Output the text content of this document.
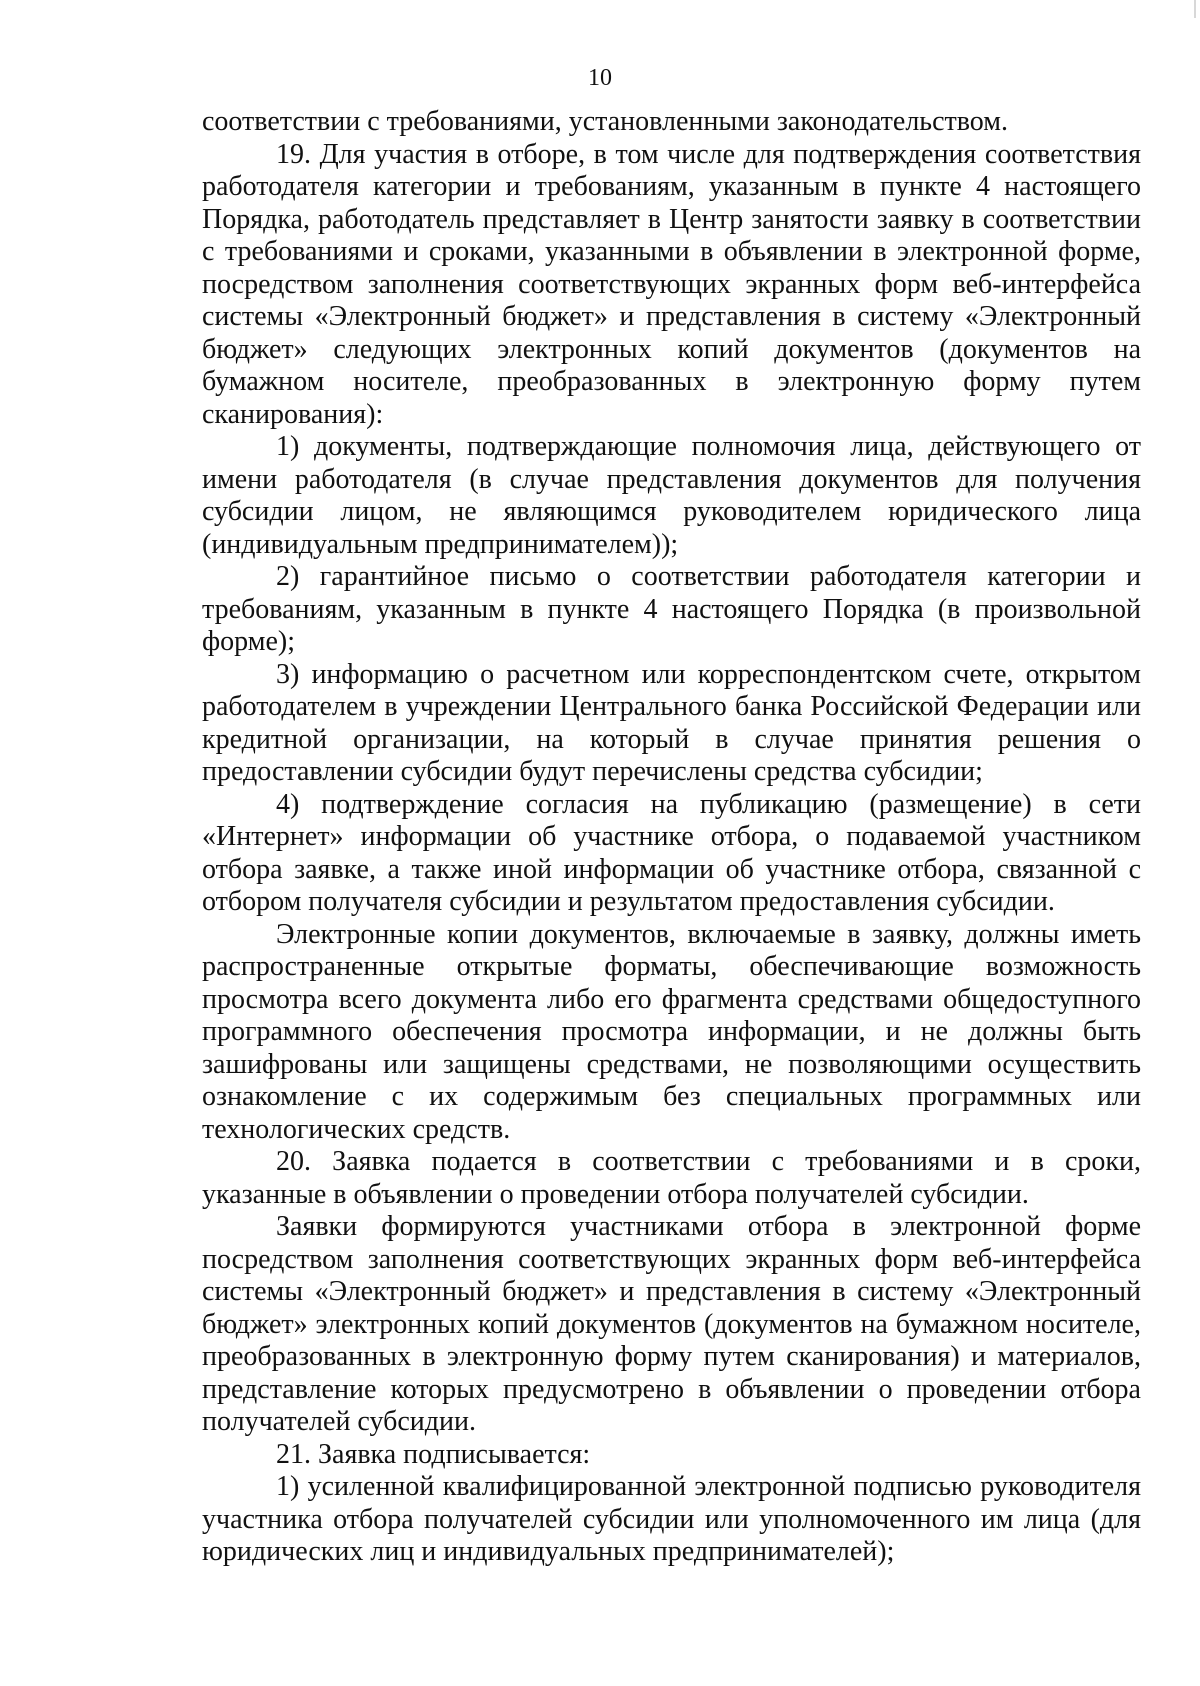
10

соответствии с требованиями, установленными законодательством.

19. Для участия в отборе, в том числе для подтверждения соответствия работодателя категории и требованиям, указанным в пункте 4 настоящего Порядка, работодатель представляет в Центр занятости заявку в соответствии с требованиями и сроками, указанными в объявлении в электронной форме, посредством заполнения соответствующих экранных форм веб-интерфейса системы «Электронный бюджет» и представления в систему «Электронный бюджет» следующих электронных копий документов (документов на бумажном носителе, преобразованных в электронную форму путем сканирования):

1) документы, подтверждающие полномочия лица, действующего от имени работодателя (в случае представления документов для получения субсидии лицом, не являющимся руководителем юридического лица (индивидуальным предпринимателем));

2) гарантийное письмо о соответствии работодателя категории и требованиям, указанным в пункте 4 настоящего Порядка (в произвольной форме);

3) информацию о расчетном или корреспондентском счете, открытом работодателем в учреждении Центрального банка Российской Федерации или кредитной организации, на который в случае принятия решения о предоставлении субсидии будут перечислены средства субсидии;

4) подтверждение согласия на публикацию (размещение) в сети «Интернет» информации об участнике отбора, о подаваемой участником отбора заявке, а также иной информации об участнике отбора, связанной с отбором получателя субсидии и результатом предоставления субсидии.

Электронные копии документов, включаемые в заявку, должны иметь распространенные открытые форматы, обеспечивающие возможность просмотра всего документа либо его фрагмента средствами общедоступного программного обеспечения просмотра информации, и не должны быть зашифрованы или защищены средствами, не позволяющими осуществить ознакомление с их содержимым без специальных программных или технологических средств.

20. Заявка подается в соответствии с требованиями и в сроки, указанные в объявлении о проведении отбора получателей субсидии.

Заявки формируются участниками отбора в электронной форме посредством заполнения соответствующих экранных форм веб-интерфейса системы «Электронный бюджет» и представления в систему «Электронный бюджет» электронных копий документов (документов на бумажном носителе, преобразованных в электронную форму путем сканирования) и материалов, представление которых предусмотрено в объявлении о проведении отбора получателей субсидии.

21. Заявка подписывается:

1) усиленной квалифицированной электронной подписью руководителя участника отбора получателей субсидии или уполномоченного им лица (для юридических лиц и индивидуальных предпринимателей);
